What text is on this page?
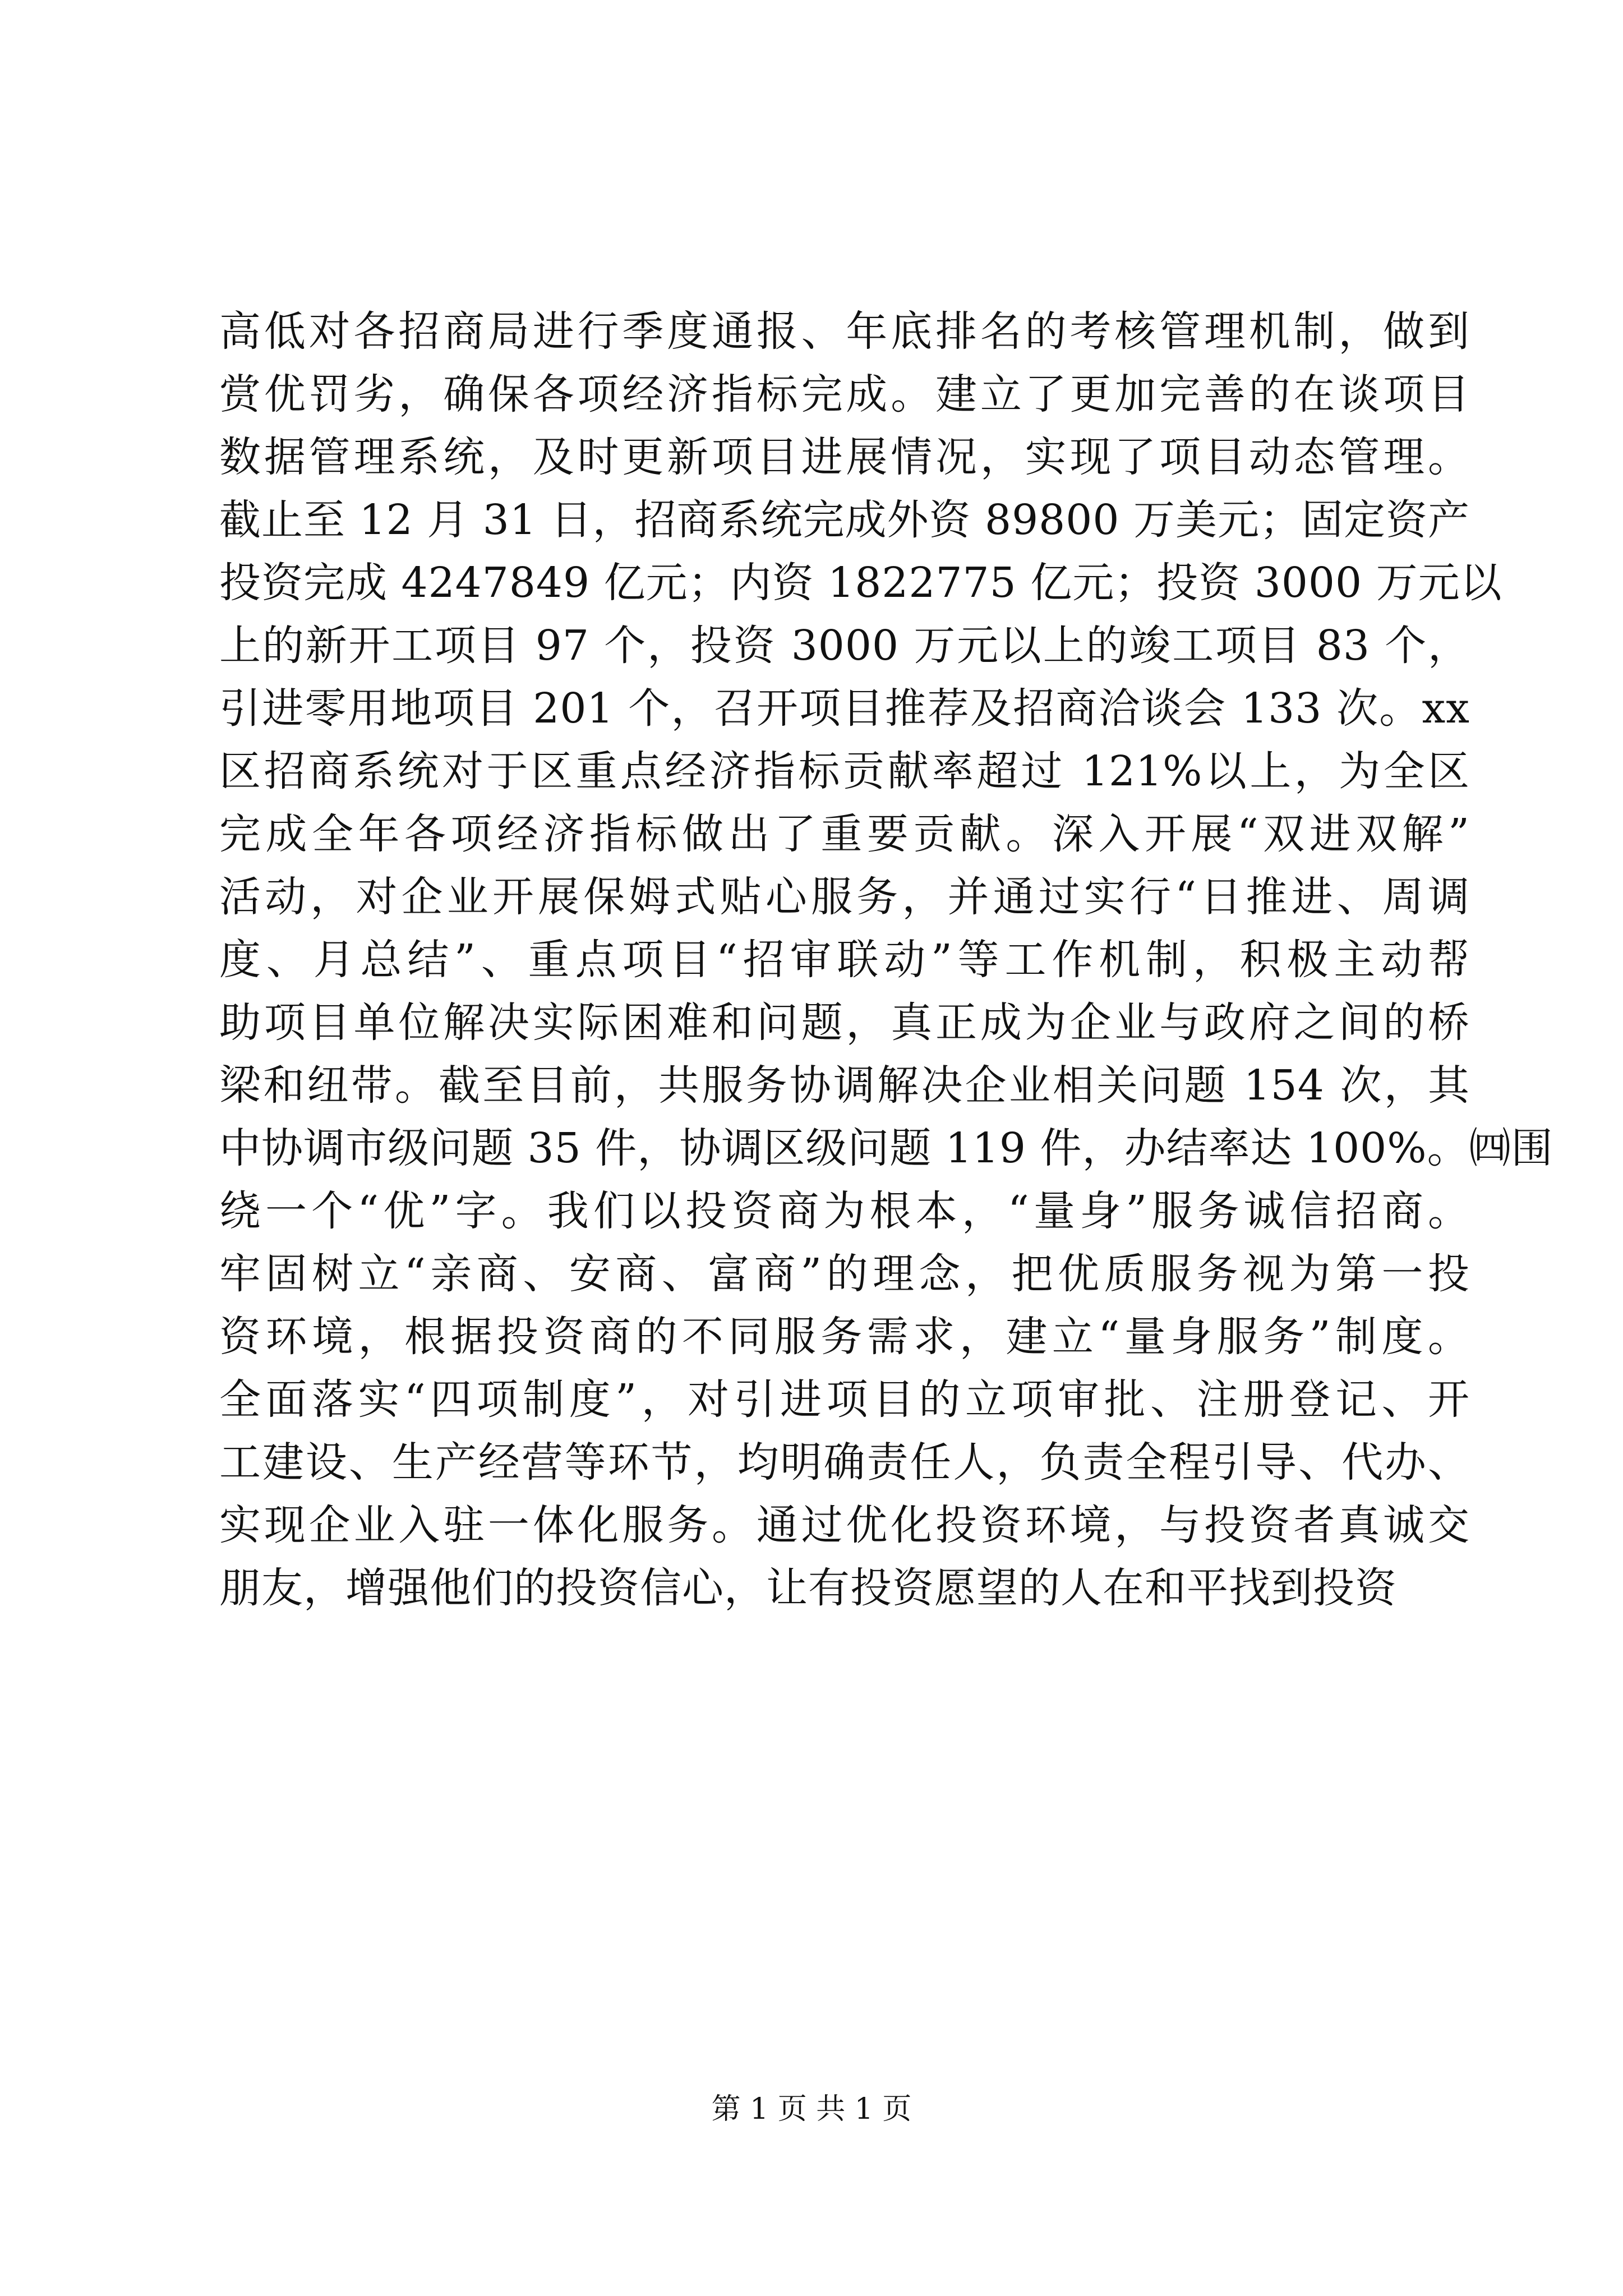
高低对各招商局进行季度通报、年底排名的考核管理机制，做到
赏优罚劣，确保各项经济指标完成。建立了更加完善的在谈项目
数据管理系统，及时更新项目进展情况，实现了项目动态管理。
截止至 12 月 31 日，招商系统完成外资 89800 万美元；固定资产
投资完成 4247849 亿元；内资 1822775 亿元；投资 3000 万元以
上的新开工项目 97 个，投资 3000 万元以上的竣工项目 83 个，
引进零用地项目 201 个，召开项目推荐及招商洽谈会 133 次。xx
区招商系统对于区重点经济指标贡献率超过 121%以上，为全区
完成全年各项经济指标做出了重要贡献。深入开展“双进双解”
活动，对企业开展保姆式贴心服务，并通过实行“日推进、周调
度、月总结”、重点项目“招审联动”等工作机制，积极主动帮
助项目单位解决实际困难和问题，真正成为企业与政府之间的桥
梁和纽带。截至目前，共服务协调解决企业相关问题 154 次，其
中协调市级问题 35 件，协调区级问题 119 件，办结率达 100%。㈣围
绕一个“优”字。我们以投资商为根本，“量身”服务诚信招商。
牢固树立“亲商、安商、富商”的理念，把优质服务视为第一投
资环境，根据投资商的不同服务需求，建立“量身服务”制度。
全面落实“四项制度”，对引进项目的立项审批、注册登记、开
工建设、生产经营等环节，均明确责任人，负责全程引导、代办、
实现企业入驻一体化服务。通过优化投资环境，与投资者真诚交
朋友，增强他们的投资信心，让有投资愿望的人在和平找到投资
第 1 页 共 1 页
